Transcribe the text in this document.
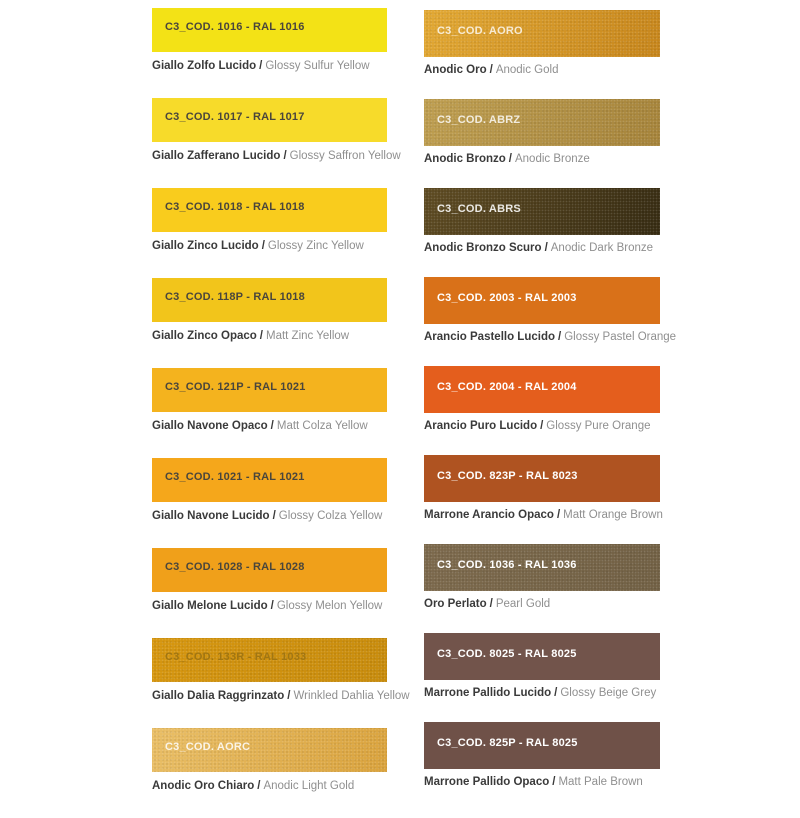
C3_COD. 1016 - RAL 1016
Giallo Zolfo Lucido / Glossy Sulfur Yellow
C3_COD. 1017 - RAL 1017
Giallo Zafferano Lucido / Glossy Saffron Yellow
C3_COD. 1018 - RAL 1018
Giallo Zinco Lucido / Glossy Zinc Yellow
C3_COD. 118P - RAL 1018
Giallo Zinco Opaco / Matt Zinc Yellow
C3_COD. 121P - RAL 1021
Giallo Navone Opaco / Matt Colza Yellow
C3_COD. 1021 - RAL 1021
Giallo Navone Lucido / Glossy Colza Yellow
C3_COD. 1028 - RAL 1028
Giallo Melone Lucido / Glossy Melon Yellow
C3_COD. 133R - RAL 1033
Giallo Dalia Raggrinzato / Wrinkled Dahlia Yellow
C3_COD. AORC
Anodic Oro Chiaro / Anodic Light Gold
C3_COD. AORO
Anodic Oro / Anodic Gold
C3_COD. ABRZ
Anodic Bronzo / Anodic Bronze
C3_COD. ABRS
Anodic Bronzo Scuro / Anodic Dark Bronze
C3_COD. 2003 - RAL 2003
Arancio Pastello Lucido / Glossy Pastel Orange
C3_COD. 2004 - RAL 2004
Arancio Puro Lucido / Glossy Pure Orange
C3_COD. 823P - RAL 8023
Marrone Arancio Opaco / Matt Orange Brown
C3_COD. 1036 - RAL 1036
Oro Perlato / Pearl Gold
C3_COD. 8025 - RAL 8025
Marrone Pallido Lucido / Glossy Beige Grey
C3_COD. 825P - RAL 8025
Marrone Pallido Opaco / Matt Pale Brown
